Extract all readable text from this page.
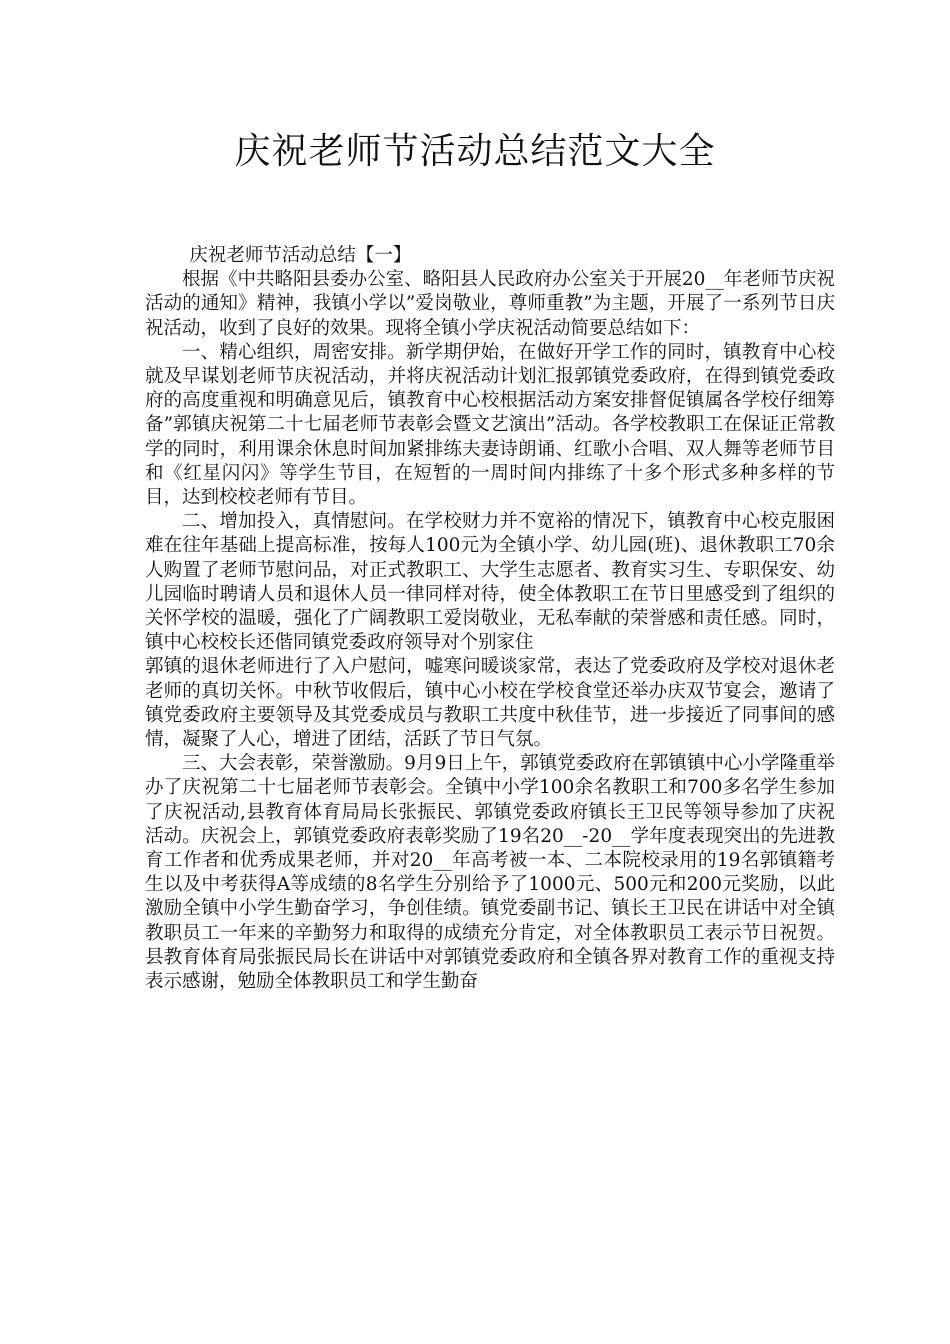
庆祝老师节活动总结范文大全

庆祝老师节活动总结【一】

根据《中共略阳县委办公室、略阳县人民政府办公室关于开展20__年老师节庆祝活动的通知》精神，我镇小学以”爱岗敬业，尊师重教”为主题，开展了一系列节日庆祝活动，收到了良好的效果。现将全镇小学庆祝活动简要总结如下：

一、精心组织，周密安排。新学期伊始，在做好开学工作的同时，镇教育中心校就及早谋划老师节庆祝活动，并将庆祝活动计划汇报郭镇党委政府，在得到镇党委政府的高度重视和明确意见后，镇教育中心校根据活动方案安排督促镇属各学校仔细筹备”郭镇庆祝第二十七届老师节表彰会暨文艺演出”活动。各学校教职工在保证正常教学的同时，利用课余休息时间加紧排练夫妻诗朗诵、红歌小合唱、双人舞等老师节目和《红星闪闪》等学生节目，在短暂的一周时间内排练了十多个形式多种多样的节目，达到校校老师有节目。

二、增加投入，真情慰问。在学校财力并不宽裕的情况下，镇教育中心校克服困难在往年基础上提高标准，按每人100元为全镇小学、幼儿园(班)、退休教职工70余人购置了老师节慰问品，对正式教职工、大学生志愿者、教育实习生、专职保安、幼儿园临时聘请人员和退休人员一律同样对待，使全体教职工在节日里感受到了组织的关怀学校的温暖，强化了广阔教职工爱岗敬业，无私奉献的荣誉感和责任感。同时，镇中心校校长还偕同镇党委政府领导对个别家住

郭镇的退休老师进行了入户慰问，嘘寒问暖谈家常，表达了党委政府及学校对退休老老师的真切关怀。中秋节收假后，镇中心小校在学校食堂还举办庆双节宴会，邀请了镇党委政府主要领导及其党委成员与教职工共度中秋佳节，进一步接近了同事间的感情，凝聚了人心，增进了团结，活跃了节日气氛。

三、大会表彰，荣誉激励。9月9日上午，郭镇党委政府在郭镇镇中心小学隆重举办了庆祝第二十七届老师节表彰会。全镇中小学100余名教职工和700多名学生参加了庆祝活动,县教育体育局局长张振民、郭镇党委政府镇长王卫民等领导参加了庆祝活动。庆祝会上，郭镇党委政府表彰奖励了19名20__-20__学年度表现突出的先进教育工作者和优秀成果老师，并对20__年高考被一本、二本院校录用的19名郭镇籍考生以及中考获得A等成绩的8名学生分别给予了1000元、500元和200元奖励，以此激励全镇中小学生勤奋学习，争创佳绩。镇党委副书记、镇长王卫民在讲话中对全镇教职员工一年来的辛勤努力和取得的成绩充分肯定，对全体教职员工表示节日祝贺。县教育体育局张振民局长在讲话中对郭镇党委政府和全镇各界对教育工作的重视支持表示感谢，勉励全体教职员工和学生勤奋
